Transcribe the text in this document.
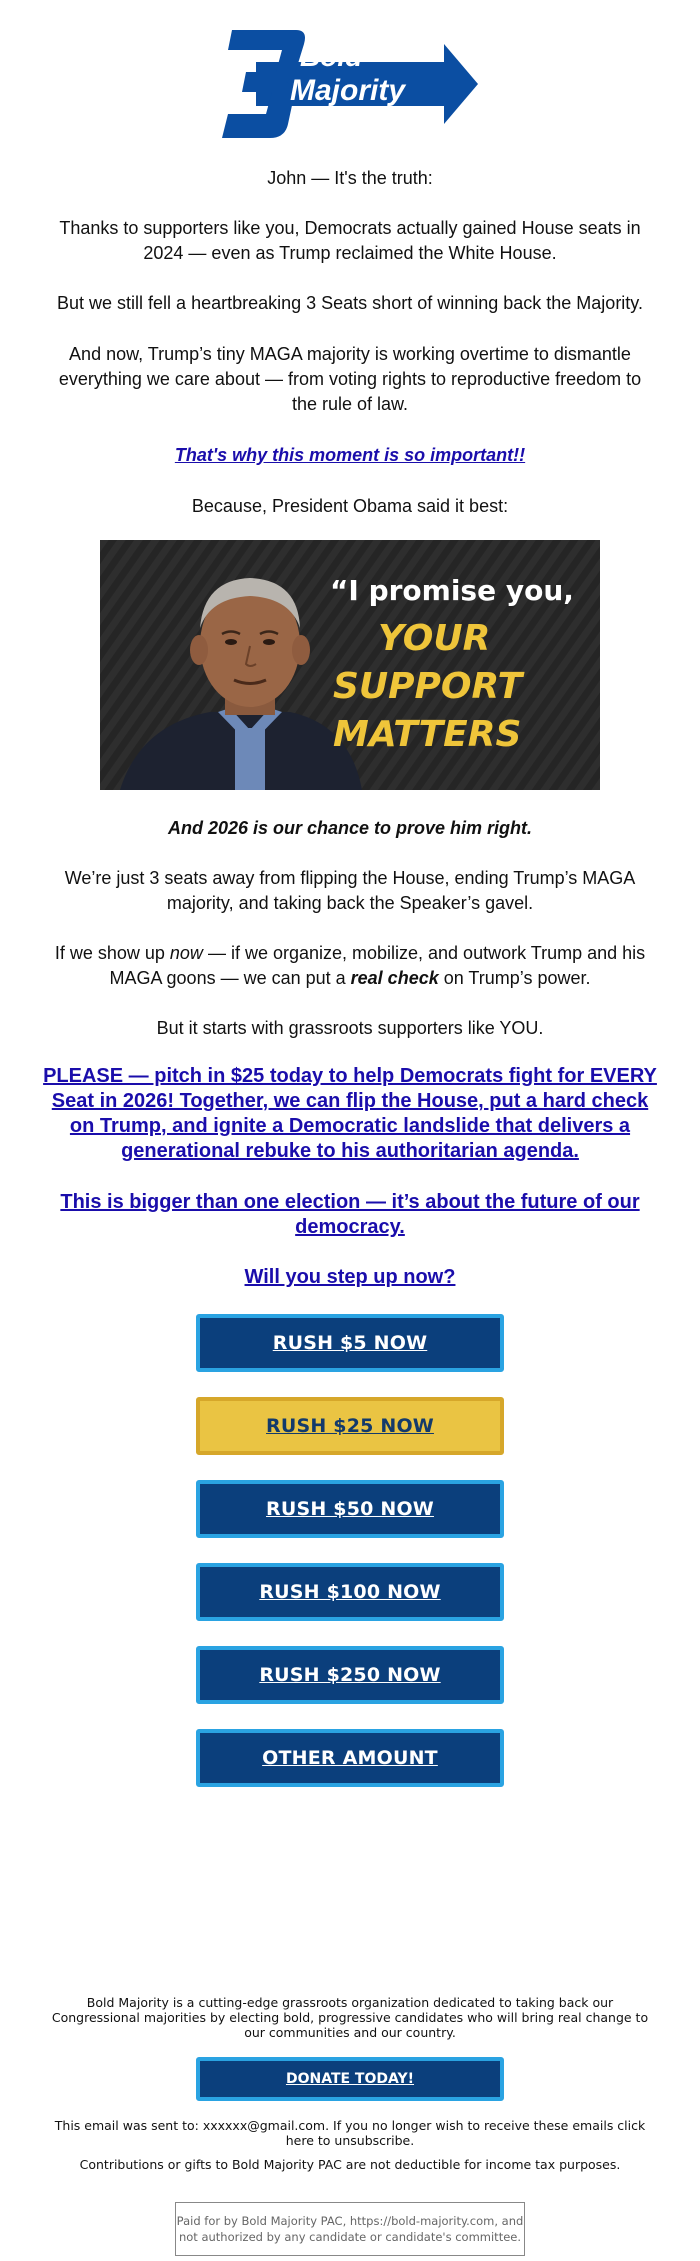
Bold
Majority

John — It's the truth:

Thanks to supporters like you, Democrats actually gained House seats in 2024 — even as Trump reclaimed the White House.

But we still fell a heartbreaking 3 Seats short of winning back the Majority.

And now, Trump’s tiny MAGA majority is working overtime to dismantle everything we care about — from voting rights to reproductive freedom to the rule of law.

That's why this moment is so important!!

Because, President Obama said it best:

“I promise you,
YOUR
SUPPORT
MATTERS

And 2026 is our chance to prove him right.

We’re just 3 seats away from flipping the House, ending Trump’s MAGA majority, and taking back the Speaker’s gavel.

If we show up now — if we organize, mobilize, and outwork Trump and his MAGA goons — we can put a real check on Trump’s power.

But it starts with grassroots supporters like YOU.

PLEASE — pitch in $25 today to help Democrats fight for EVERY Seat in 2026! Together, we can flip the House, put a hard check on Trump, and ignite a Democratic landslide that delivers a generational rebuke to his authoritarian agenda.
This is bigger than one election — it’s about the future of our democracy.
Will you step up now?
RUSH $5 NOW
RUSH $25 NOW
RUSH $50 NOW
RUSH $100 NOW
RUSH $250 NOW
OTHER AMOUNT

Bold Majority is a cutting-edge grassroots organization dedicated to taking back our Congressional majorities by electing bold, progressive candidates who will bring real change to our communities and our country.

DONATE TODAY!

This email was sent to: xxxxxx@gmail.com. If you no longer wish to receive these emails click here to unsubscribe.

Contributions or gifts to Bold Majority PAC are not deductible for income tax purposes.

Paid for by Bold Majority PAC, https://bold-majority.com, and not authorized by any candidate or candidate's committee.
